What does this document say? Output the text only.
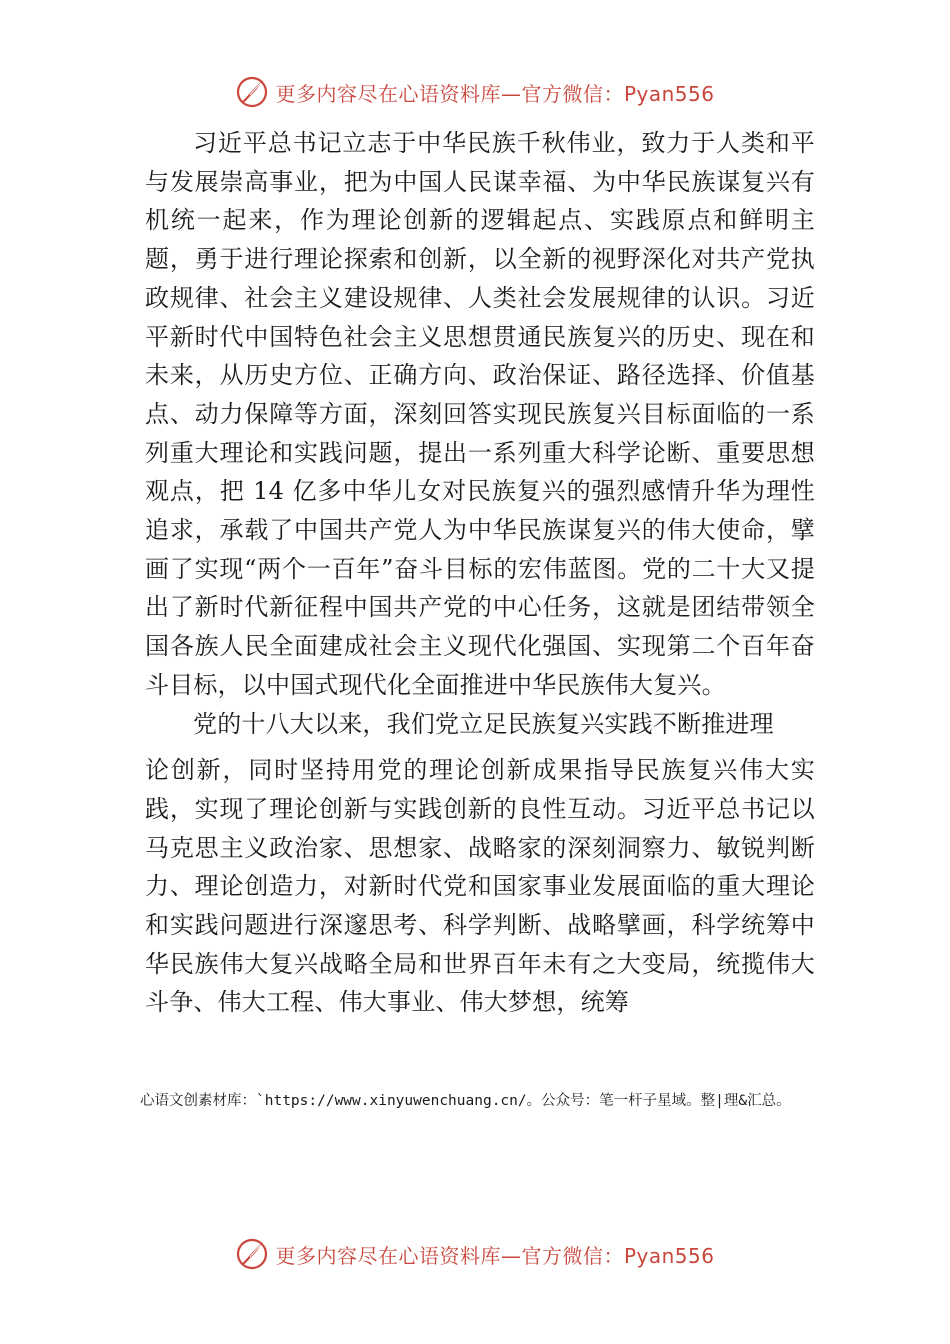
更多内容尽在心语资料库—官方微信：Pyan556

习近平总书记立志于中华民族千秋伟业，致力于人类和平与发展崇高事业，把为中国人民谋幸福、为中华民族谋复兴有机统一起来，作为理论创新的逻辑起点、实践原点和鲜明主题，勇于进行理论探索和创新，以全新的视野深化对共产党执政规律、社会主义建设规律、人类社会发展规律的认识。习近平新时代中国特色社会主义思想贯通民族复兴的历史、现在和未来，从历史方位、正确方向、政治保证、路径选择、价值基点、动力保障等方面，深刻回答实现民族复兴目标面临的一系列重大理论和实践问题，提出一系列重大科学论断、重要思想观点，把 14 亿多中华儿女对民族复兴的强烈感情升华为理性追求，承载了中国共产党人为中华民族谋复兴的伟大使命，擘画了实现“两个一百年”奋斗目标的宏伟蓝图。党的二十大又提出了新时代新征程中国共产党的中心任务，这就是团结带领全国各族人民全面建成社会主义现代化强国、实现第二个百年奋斗目标，以中国式现代化全面推进中华民族伟大复兴。

党的十八大以来，我们党立足民族复兴实践不断推进理
论创新，同时坚持用党的理论创新成果指导民族复兴伟大实践，实现了理论创新与实践创新的良性互动。习近平总书记以马克思主义政治家、思想家、战略家的深刻洞察力、敏锐判断力、理论创造力，对新时代党和国家事业发展面临的重大理论和实践问题进行深邃思考、科学判断、战略擘画，科学统筹中华民族伟大复兴战略全局和世界百年未有之大变局，统揽伟大斗争、伟大工程、伟大事业、伟大梦想，统筹

心语文创素材库：`https://www.xinyuwenchuang.cn/。公众号：笔一杆子星域。整|理&汇总。
更多内容尽在心语资料库—官方微信：Pyan556
